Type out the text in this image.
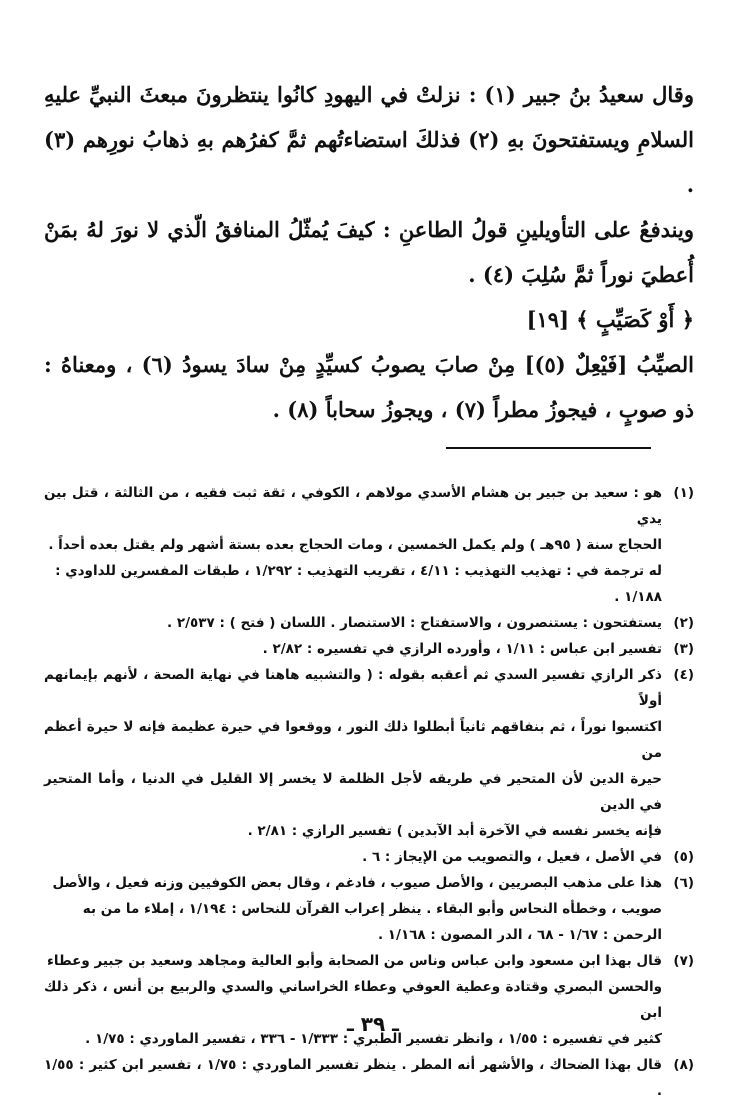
وقال سعيدُ بنُ جبير (١) : نزلتْ في اليهودِ كانُوا ينتظرونَ مبعثَ النبيِّ عليهِ السلامِ ويستفتحونَ بهِ (٢) فذلكَ استضاءتُهم ثمَّ كفرُهم بهِ ذهابُ نورِهم (٣) .

ويندفعُ على التأويلينِ قولُ الطاعنِ : كيفَ يُمثّلُ المنافقُ الّذي لا نورَ لهُ بمَنْ أُعطيَ نوراً ثمَّ سُلِبَ (٤) .

﴿ أَوْ كَصَيِّبٍ ﴾ [١٩]

الصيِّبُ [فَيْعِلٌ (٥)] مِنْ صابَ يصوبُ كسيِّدٍ مِنْ سادَ يسودُ (٦) ، ومعناهُ : ذو صوبٍ ، فيجوزُ مطراً (٧) ، ويجوزُ سحاباً (٨) .

(١)
هو : سعيد بن جبير بن هشام الأسدي مولاهم ، الكوفي ، ثقة ثبت فقيه ، من الثالثة ، قتل بين يدي
الحجاج سنة ( ٩٥هـ ) ولم يكمل الخمسين ، ومات الحجاج بعده بستة أشهر ولم يقتل بعده أحداً .
له ترجمة في : تهذيب التهذيب : ٤/١١ ، تقريب التهذيب : ١/٢٩٢ ، طبقات المفسرين للداودي :
١/١٨٨ .
(٢)
يستفتحون : يستنصرون ، والاستفتاح : الاستنصار . اللسان ( فتح ) : ٢/٥٣٧ .
(٣)
تفسير ابن عباس : ١/١١ ، وأورده الرازي في تفسيره : ٢/٨٢ .
(٤)
ذكر الرازي تفسير السدي ثم أعقبه بقوله : ( والتشبيه هاهنا في نهاية الصحة ، لأنهم بإيمانهم أولاً
اكتسبوا نوراً ، ثم بنفاقهم ثانياً أبطلوا ذلك النور ، ووقعوا في حيرة عظيمة فإنه لا حيرة أعظم من
حيرة الدين لأن المتحير في طريقه لأجل الظلمة لا يخسر إلا القليل في الدنيا ، وأما المتحير في الدين
فإنه يخسر نفسه في الآخرة أبد الآبدين ) تفسير الرازي : ٢/٨١ .
(٥)
في الأصل ، فعيل ، والتصويب من الإيجاز : ٦ .
(٦)
هذا على مذهب البصريين ، والأصل صيوب ، فادغم ، وقال بعض الكوفيين وزنه فعيل ، والأصل
صويب ، وخطأه النحاس وأبو البقاء . ينظر إعراب القرآن للنحاس : ١/١٩٤ ، إملاء ما من به
الرحمن : ١/٦٧ - ٦٨ ، الدر المصون : ١/١٦٨ .
(٧)
قال بهذا ابن مسعود وابن عباس وناس من الصحابة وأبو العالية ومجاهد وسعيد بن جبير وعطاء
والحسن البصري وقتادة وعطية العوفي وعطاء الخراساني والسدي والربيع بن أنس ، ذكر ذلك ابن
كثير في تفسيره : ١/٥٥ ، وانظر تفسير الطبري : ١/٣٣٣ - ٣٣٦ ، تفسير الماوردي : ١/٧٥ .
(٨)
قال بهذا الضحاك ، والأشهر أنه المطر . ينظر تفسير الماوردي : ١/٧٥ ، تفسير ابن كثير : ١/٥٥ .
ـ ٣٩ ـ
